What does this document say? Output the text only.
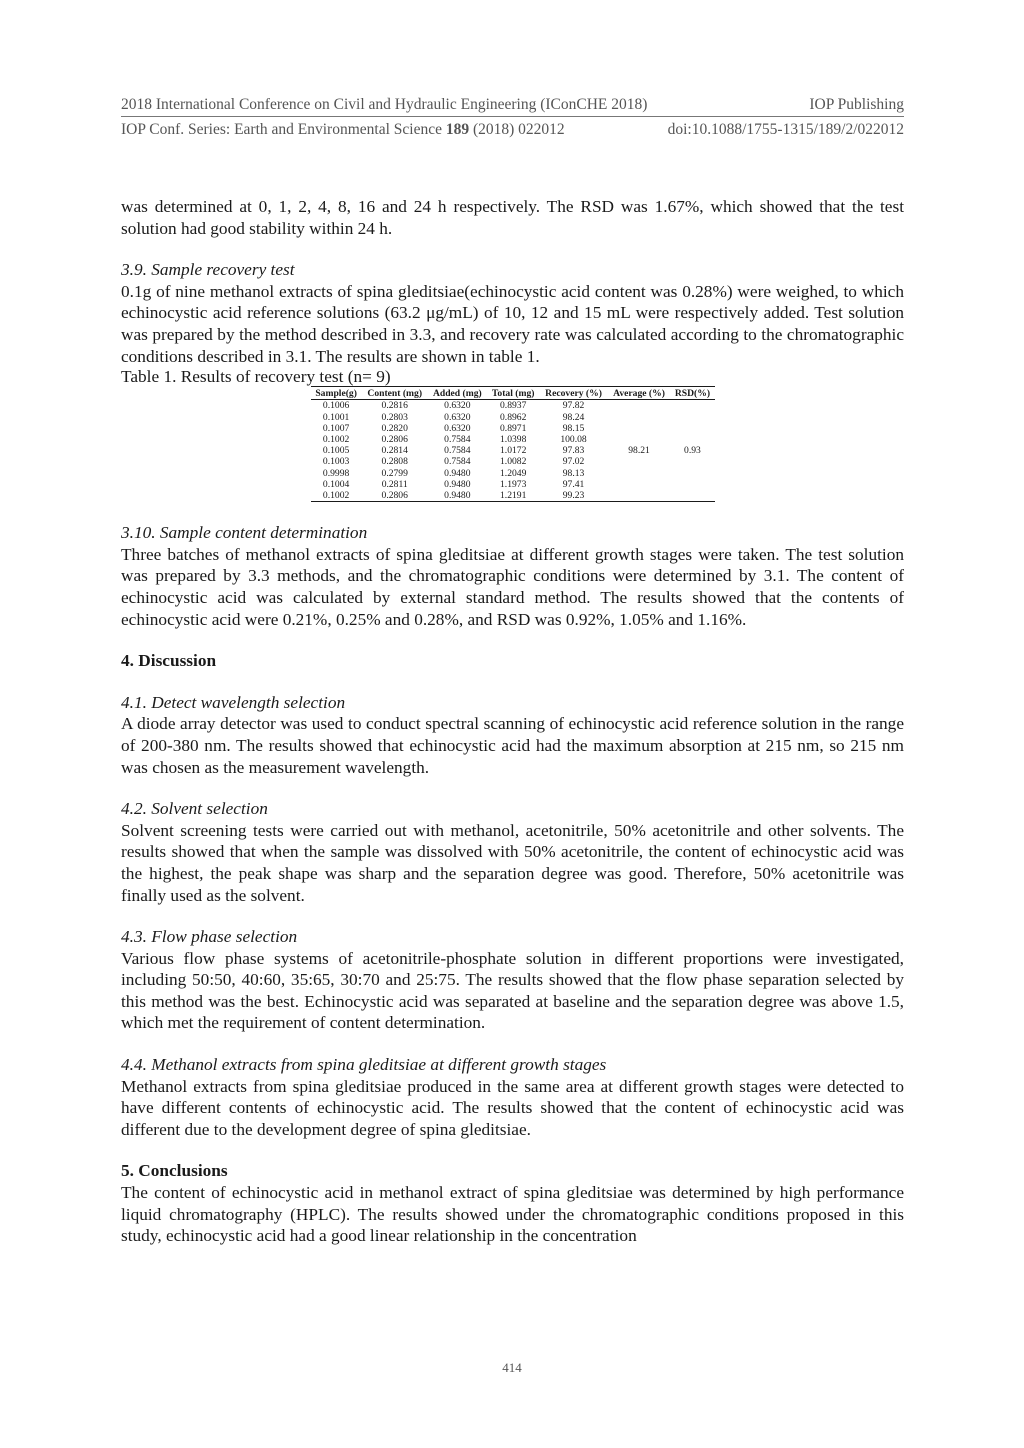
2018 International Conference on Civil and Hydraulic Engineering (IConCHE 2018)	IOP Publishing
IOP Conf. Series: Earth and Environmental Science 189 (2018) 022012	doi:10.1088/1755-1315/189/2/022012

was determined at 0, 1, 2, 4, 8, 16 and 24 h respectively. The RSD was 1.67%, which showed that the test solution had good stability within 24 h.

3.9. Sample recovery test

0.1g of nine methanol extracts of spina gleditsiae(echinocystic acid content was 0.28%) were weighed, to which echinocystic acid reference solutions (63.2 μg/mL) of 10, 12 and 15 mL were respectively added. Test solution was prepared by the method described in 3.3, and recovery rate was calculated according to the chromatographic conditions described in 3.1. The results are shown in table 1.

Table 1. Results of recovery test (n= 9)

Sample(g)	Content (mg)	Added (mg)	Total (mg)	Recovery (%)	Average (%)	RSD(%)
0.1006	0.2816	0.6320	0.8937	97.82		
0.1001	0.2803	0.6320	0.8962	98.24		
0.1007	0.2820	0.6320	0.8971	98.15		
0.1002	0.2806	0.7584	1.0398	100.08		
0.1005	0.2814	0.7584	1.0172	97.83	98.21	0.93
0.1003	0.2808	0.7584	1.0082	97.02		
0.9998	0.2799	0.9480	1.2049	98.13		
0.1004	0.2811	0.9480	1.1973	97.41		
0.1002	0.2806	0.9480	1.2191	99.23		

3.10. Sample content determination

Three batches of methanol extracts of spina gleditsiae at different growth stages were taken. The test solution was prepared by 3.3 methods, and the chromatographic conditions were determined by 3.1. The content of echinocystic acid was calculated by external standard method. The results showed that the contents of echinocystic acid were 0.21%, 0.25% and 0.28%, and RSD was 0.92%, 1.05% and 1.16%.

4. Discussion

4.1. Detect wavelength selection

A diode array detector was used to conduct spectral scanning of echinocystic acid reference solution in the range of 200-380 nm. The results showed that echinocystic acid had the maximum absorption at 215 nm, so 215 nm was chosen as the measurement wavelength.

4.2. Solvent selection

Solvent screening tests were carried out with methanol, acetonitrile, 50% acetonitrile and other solvents. The results showed that when the sample was dissolved with 50% acetonitrile, the content of echinocystic acid was the highest, the peak shape was sharp and the separation degree was good. Therefore, 50% acetonitrile was finally used as the solvent.

4.3. Flow phase selection

Various flow phase systems of acetonitrile-phosphate solution in different proportions were investigated, including 50:50, 40:60, 35:65, 30:70 and 25:75. The results showed that the flow phase separation selected by this method was the best. Echinocystic acid was separated at baseline and the separation degree was above 1.5, which met the requirement of content determination.

4.4. Methanol extracts from spina gleditsiae at different growth stages

Methanol extracts from spina gleditsiae produced in the same area at different growth stages were detected to have different contents of echinocystic acid. The results showed that the content of echinocystic acid was different due to the development degree of spina gleditsiae.

5. Conclusions

The content of echinocystic acid in methanol extract of spina gleditsiae was determined by high performance liquid chromatography (HPLC). The results showed under the chromatographic conditions proposed in this study, echinocystic acid had a good linear relationship in the concentration

414
